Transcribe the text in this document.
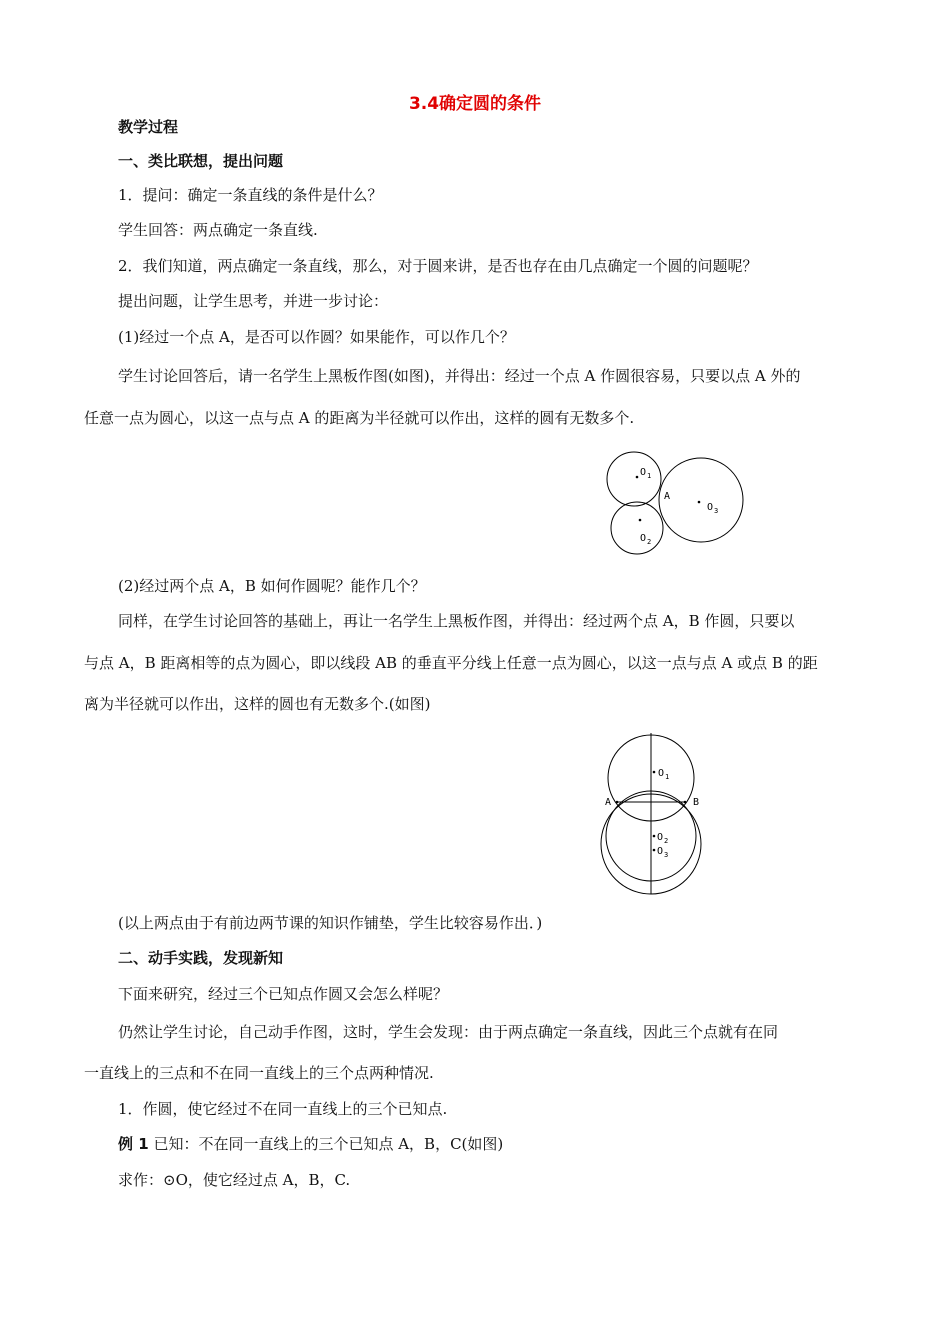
3.4确定圆的条件
教学过程
一、类比联想，提出问题
1．提问：确定一条直线的条件是什么？
学生回答：两点确定一条直线.
2．我们知道，两点确定一条直线，那么，对于圆来讲，是否也存在由几点确定一个圆的问题呢？
提出问题，让学生思考，并进一步讨论：
(1)经过一个点 A，是否可以作圆？如果能作，可以作几个？
学生讨论回答后，请一名学生上黑板作图(如图)，并得出：经过一个点 A 作圆很容易，只要以点 A 外的
任意一点为圆心，以这一点与点 A 的距离为半径就可以作出，这样的圆有无数多个.
O 1
O 2
O 3
A
(2)经过两个点 A，B 如何作圆呢？能作几个？
同样，在学生讨论回答的基础上，再让一名学生上黑板作图，并得出：经过两个点 A，B 作圆，只要以
与点 A，B 距离相等的点为圆心，即以线段 AB 的垂直平分线上任意一点为圆心，以这一点与点 A 或点 B 的距
离为半径就可以作出，这样的圆也有无数多个.(如图)
O 1
O 2
O 3
A	B
(以上两点由于有前边两节课的知识作铺垫，学生比较容易作出．)
二、动手实践，发现新知
下面来研究，经过三个已知点作圆又会怎么样呢？
仍然让学生讨论，自己动手作图，这时，学生会发现：由于两点确定一条直线，因此三个点就有在同
一直线上的三点和不在同一直线上的三个点两种情况.
1．作圆，使它经过不在同一直线上的三个已知点.
例 1 已知：不在同一直线上的三个已知点 A，B，C(如图)
求作：⊙O，使它经过点 A，B，C.
